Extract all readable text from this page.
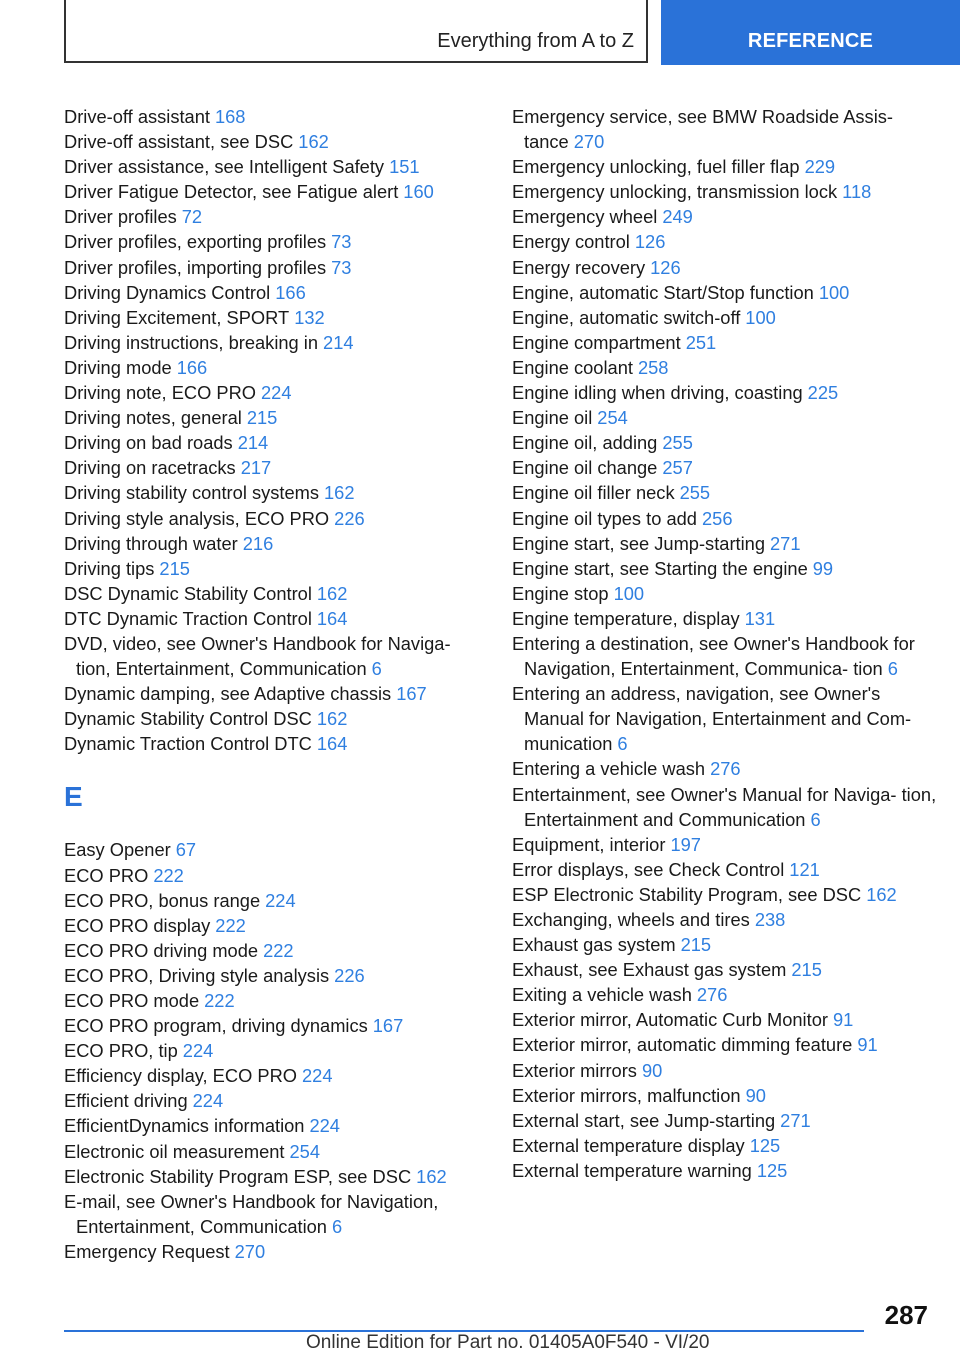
Everything from A to Z	REFERENCE
Drive-off assistant 168
Drive-off assistant, see DSC 162
Driver assistance, see Intelligent Safety 151
Driver Fatigue Detector, see Fatigue alert 160
Driver profiles 72
Driver profiles, exporting profiles 73
Driver profiles, importing profiles 73
Driving Dynamics Control 166
Driving Excitement, SPORT 132
Driving instructions, breaking in 214
Driving mode 166
Driving note, ECO PRO 224
Driving notes, general 215
Driving on bad roads 214
Driving on racetracks 217
Driving stability control systems 162
Driving style analysis, ECO PRO 226
Driving through water 216
Driving tips 215
DSC Dynamic Stability Control 162
DTC Dynamic Traction Control 164
DVD, video, see Owner's Handbook for Naviga- tion, Entertainment, Communication 6
Dynamic damping, see Adaptive chassis 167
Dynamic Stability Control DSC 162
Dynamic Traction Control DTC 164
E
Easy Opener 67
ECO PRO 222
ECO PRO, bonus range 224
ECO PRO display 222
ECO PRO driving mode 222
ECO PRO, Driving style analysis 226
ECO PRO mode 222
ECO PRO program, driving dynamics 167
ECO PRO, tip 224
Efficiency display, ECO PRO 224
Efficient driving 224
EfficientDynamics information 224
Electronic oil measurement 254
Electronic Stability Program ESP, see DSC 162
E-mail, see Owner's Handbook for Navigation, Entertainment, Communication 6
Emergency Request 270
Emergency service, see BMW Roadside Assis- tance 270
Emergency unlocking, fuel filler flap 229
Emergency unlocking, transmission lock 118
Emergency wheel 249
Energy control 126
Energy recovery 126
Engine, automatic Start/Stop function 100
Engine, automatic switch-off 100
Engine compartment 251
Engine coolant 258
Engine idling when driving, coasting 225
Engine oil 254
Engine oil, adding 255
Engine oil change 257
Engine oil filler neck 255
Engine oil types to add 256
Engine start, see Jump-starting 271
Engine start, see Starting the engine 99
Engine stop 100
Engine temperature, display 131
Entering a destination, see Owner's Handbook for Navigation, Entertainment, Communica- tion 6
Entering an address, navigation, see Owner's Manual for Navigation, Entertainment and Com- munication 6
Entering a vehicle wash 276
Entertainment, see Owner's Manual for Naviga- tion, Entertainment and Communication 6
Equipment, interior 197
Error displays, see Check Control 121
ESP Electronic Stability Program, see DSC 162
Exchanging, wheels and tires 238
Exhaust gas system 215
Exhaust, see Exhaust gas system 215
Exiting a vehicle wash 276
Exterior mirror, Automatic Curb Monitor 91
Exterior mirror, automatic dimming feature 91
Exterior mirrors 90
Exterior mirrors, malfunction 90
External start, see Jump-starting 271
External temperature display 125
External temperature warning 125
287
Online Edition for Part no. 01405A0F540 - VI/20
